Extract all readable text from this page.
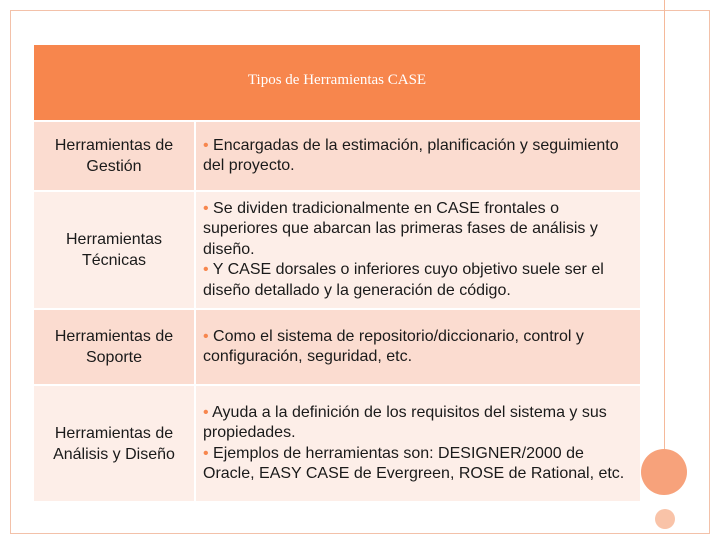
Tipos de Herramientas CASE
Herramientas de Gestión
• Encargadas de la estimación, planificación y seguimiento del proyecto.
Herramientas Técnicas
• Se dividen tradicionalmente en CASE frontales o superiores que abarcan las primeras fases de análisis y diseño.
• Y CASE dorsales o inferiores cuyo objetivo suele ser el diseño detallado y la generación de código.
Herramientas de Soporte
• Como el sistema de repositorio/diccionario, control y configuración, seguridad, etc.
Herramientas de Análisis y Diseño
• Ayuda a la definición de los requisitos del sistema y sus propiedades.
• Ejemplos de herramientas son: DESIGNER/2000 de Oracle, EASY CASE de Evergreen, ROSE de Rational, etc.
